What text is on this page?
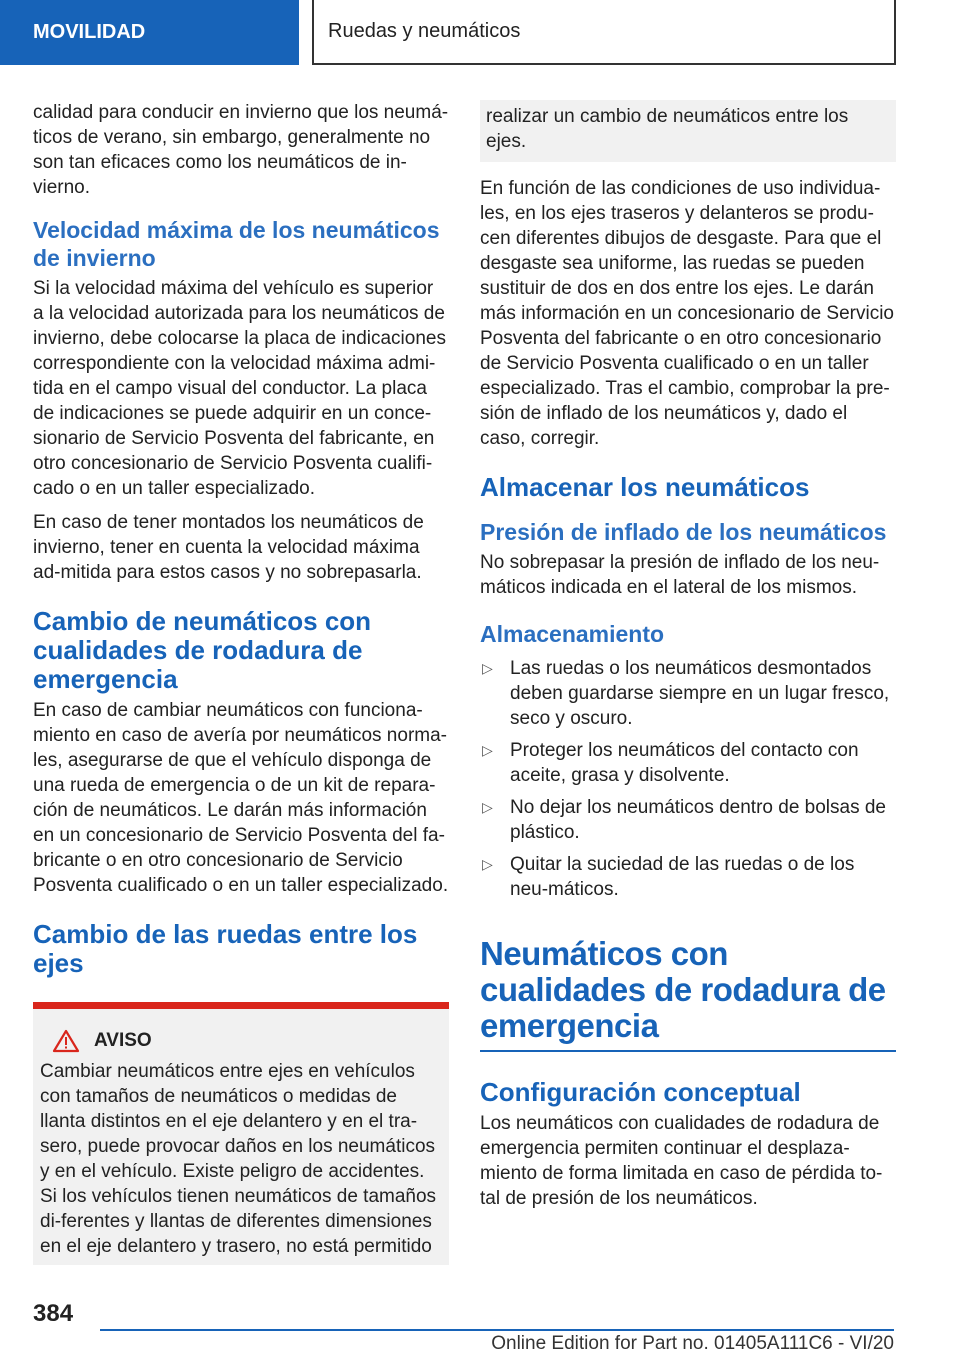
MOVILIDAD	Ruedas y neumáticos

calidad para conducir en invierno que los neumá-ticos de verano, sin embargo, generalmente no son tan eficaces como los neumáticos de in-vierno.

Velocidad máxima de los neumáticos de invierno

Si la velocidad máxima del vehículo es superior a la velocidad autorizada para los neumáticos de invierno, debe colocarse la placa de indicaciones correspondiente con la velocidad máxima admi-tida en el campo visual del conductor. La placa de indicaciones se puede adquirir en un conce-sionario de Servicio Posventa del fabricante, en otro concesionario de Servicio Posventa cualifi-cado o en un taller especializado.

En caso de tener montados los neumáticos de invierno, tener en cuenta la velocidad máxima ad-mitida para estos casos y no sobrepasarla.

Cambio de neumáticos con cualidades de rodadura de emergencia

En caso de cambiar neumáticos con funciona-miento en caso de avería por neumáticos norma-les, asegurarse de que el vehículo disponga de una rueda de emergencia o de un kit de repara-ción de neumáticos. Le darán más información en un concesionario de Servicio Posventa del fa-bricante o en otro concesionario de Servicio Posventa cualificado o en un taller especializado.

Cambio de las ruedas entre los ejes
AVISO

Cambiar neumáticos entre ejes en vehículos con tamaños de neumáticos o medidas de llanta distintos en el eje delantero y en el tra-sero, puede provocar daños en los neumáticos y en el vehículo. Existe peligro de accidentes. Si los vehículos tienen neumáticos de tamaños di-ferentes y llantas de diferentes dimensiones en el eje delantero y trasero, no está permitido

realizar un cambio de neumáticos entre los ejes.

En función de las condiciones de uso individua-les, en los ejes traseros y delanteros se produ-cen diferentes dibujos de desgaste. Para que el desgaste sea uniforme, las ruedas se pueden sustituir de dos en dos entre los ejes. Le darán más información en un concesionario de Servicio Posventa del fabricante o en otro concesionario de Servicio Posventa cualificado o en un taller especializado. Tras el cambio, comprobar la pre-sión de inflado de los neumáticos y, dado el caso, corregir.

Almacenar los neumáticos
Presión de inflado de los neumáticos

No sobrepasar la presión de inflado de los neu-máticos indicada en el lateral de los mismos.

Almacenamiento
▷ Las ruedas o los neumáticos desmontados deben guardarse siempre en un lugar fresco, seco y oscuro.
▷ Proteger los neumáticos del contacto con aceite, grasa y disolvente.
▷ No dejar los neumáticos dentro de bolsas de plástico.
▷ Quitar la suciedad de las ruedas o de los neu-máticos.
Neumáticos con cualidades de rodadura de emergencia
Configuración conceptual

Los neumáticos con cualidades de rodadura de emergencia permiten continuar el desplaza-miento de forma limitada en caso de pérdida to-tal de presión de los neumáticos.

384
Online Edition for Part no. 01405A111C6 - VI/20
